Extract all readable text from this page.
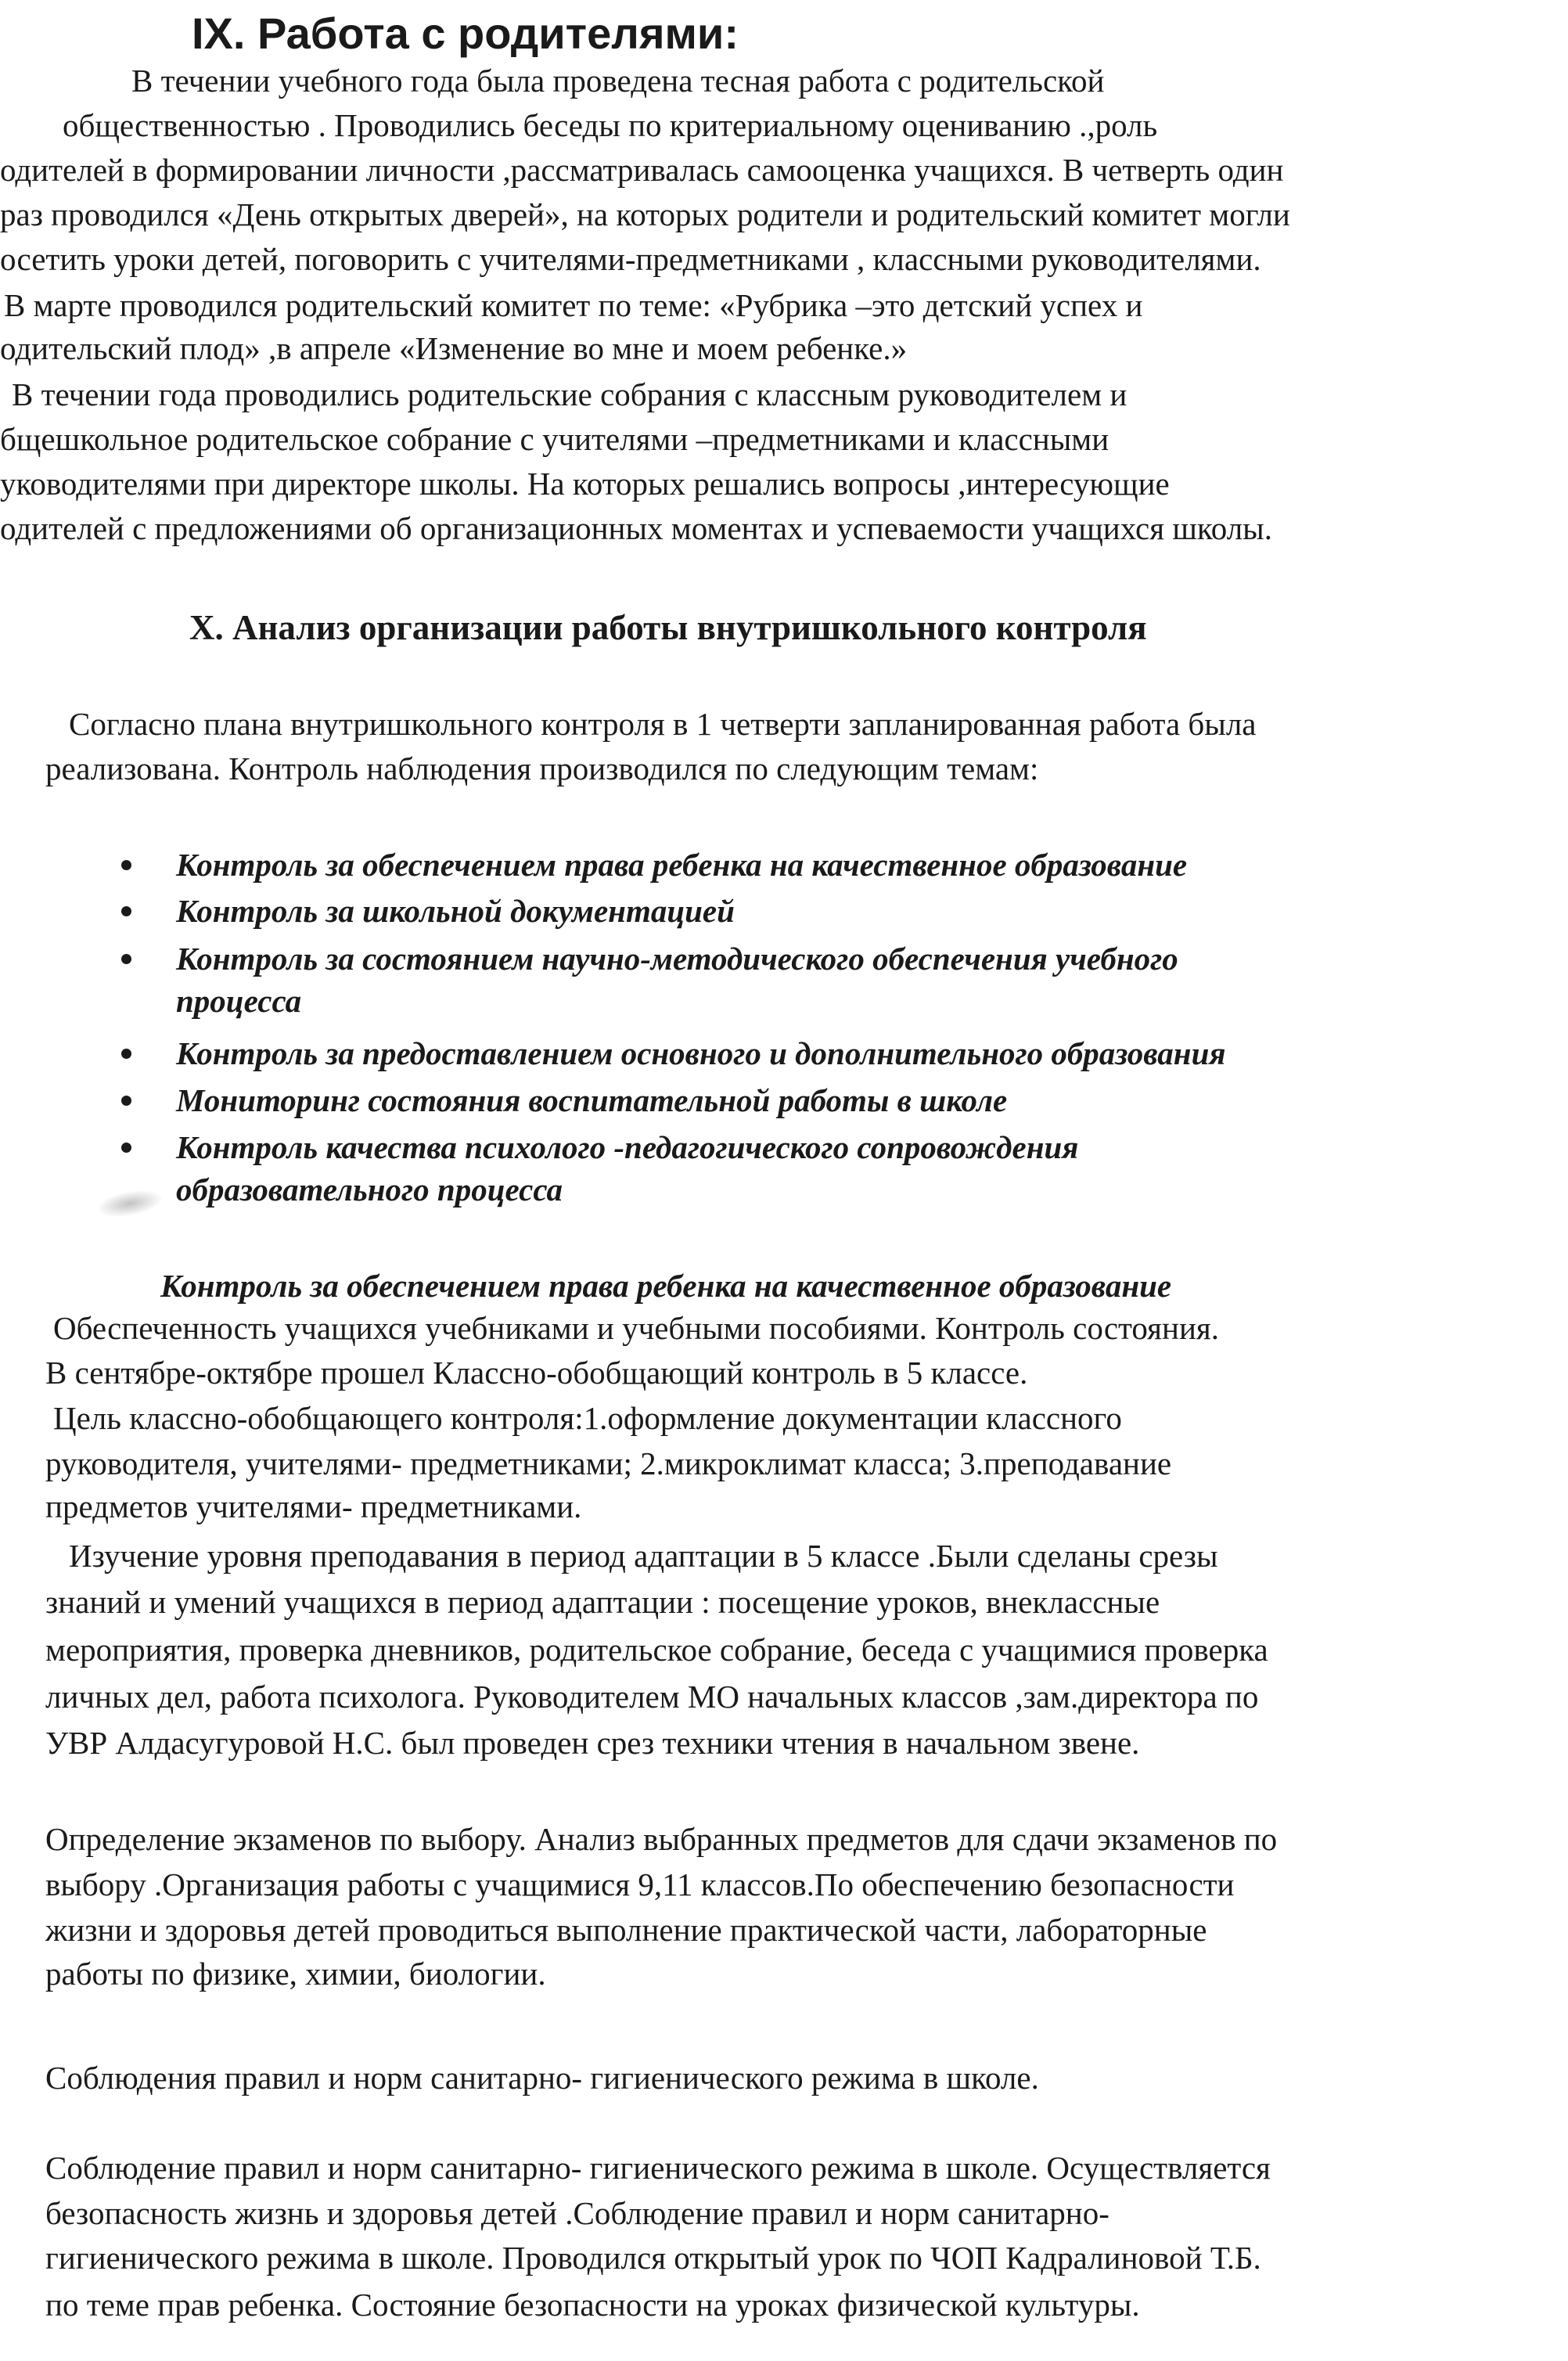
IX. Работа с родителями:
В течении учебного года была проведена тесная работа с родительской
общественностью . Проводились беседы по критериальному оцениванию .,роль
одителей в формировании личности ,рассматривалась самооценка учащихся. В четверть один
раз проводился «День открытых дверей», на которых родители и родительский комитет могли
осетить уроки детей, поговорить с учителями-предметниками , классными руководителями.
В марте проводился родительский комитет по теме: «Рубрика –это детский успех и
одительский плод» ,в апреле «Изменение во мне и моем ребенке.»
В течении года проводились родительские собрания с классным руководителем и
бщешкольное родительское собрание с учителями –предметниками и классными
уководителями при директоре школы. На которых решались вопросы ,интересующие
одителей с предложениями об организационных моментах и успеваемости учащихся школы.
X. Анализ организации работы внутришкольного контроля
Согласно плана внутришкольного контроля в 1 четверти запланированная работа была
реализована. Контроль наблюдения производился по следующим темам:
Контроль за обеспечением права ребенка на качественное образование
Контроль за школьной документацией
Контроль за состоянием научно-методического обеспечения учебного
процесса
Контроль за предоставлением основного и дополнительного образования
Мониторинг состояния воспитательной работы в школе
Контроль качества психолого -педагогического сопровождения
образовательного процесса
Контроль за обеспечением права ребенка на качественное образование
Обеспеченность учащихся учебниками и учебными пособиями. Контроль состояния.
В сентябре-октябре прошел Классно-обобщающий контроль в 5 классе.
Цель классно-обобщающего контроля:1.оформление документации классного
руководителя, учителями- предметниками; 2.микроклимат класса; 3.преподавание
предметов учителями- предметниками.
Изучение уровня преподавания в период адаптации в 5 классе .Были сделаны срезы
знаний и умений учащихся в период адаптации : посещение уроков, внеклассные
мероприятия, проверка дневников, родительское собрание, беседа с учащимися проверка
личных дел, работа психолога. Руководителем МО начальных классов ,зам.директора по
УВР Алдасугуровой Н.С. был проведен срез техники чтения в начальном звене.
Определение экзаменов по выбору. Анализ выбранных предметов для сдачи экзаменов по
выбору .Организация работы с учащимися 9,11 классов.По обеспечению безопасности
жизни и здоровья детей проводиться выполнение практической части, лабораторные
работы по физике, химии, биологии.
Соблюдения правил и норм санитарно- гигиенического режима в школе.
Соблюдение правил и норм санитарно- гигиенического режима в школе. Осуществляется
безопасность жизнь и здоровья детей .Соблюдение правил и норм санитарно-
гигиенического режима в школе. Проводился открытый урок по ЧОП Кадралиновой Т.Б.
по теме прав ребенка. Состояние безопасности на уроках физической культуры.
